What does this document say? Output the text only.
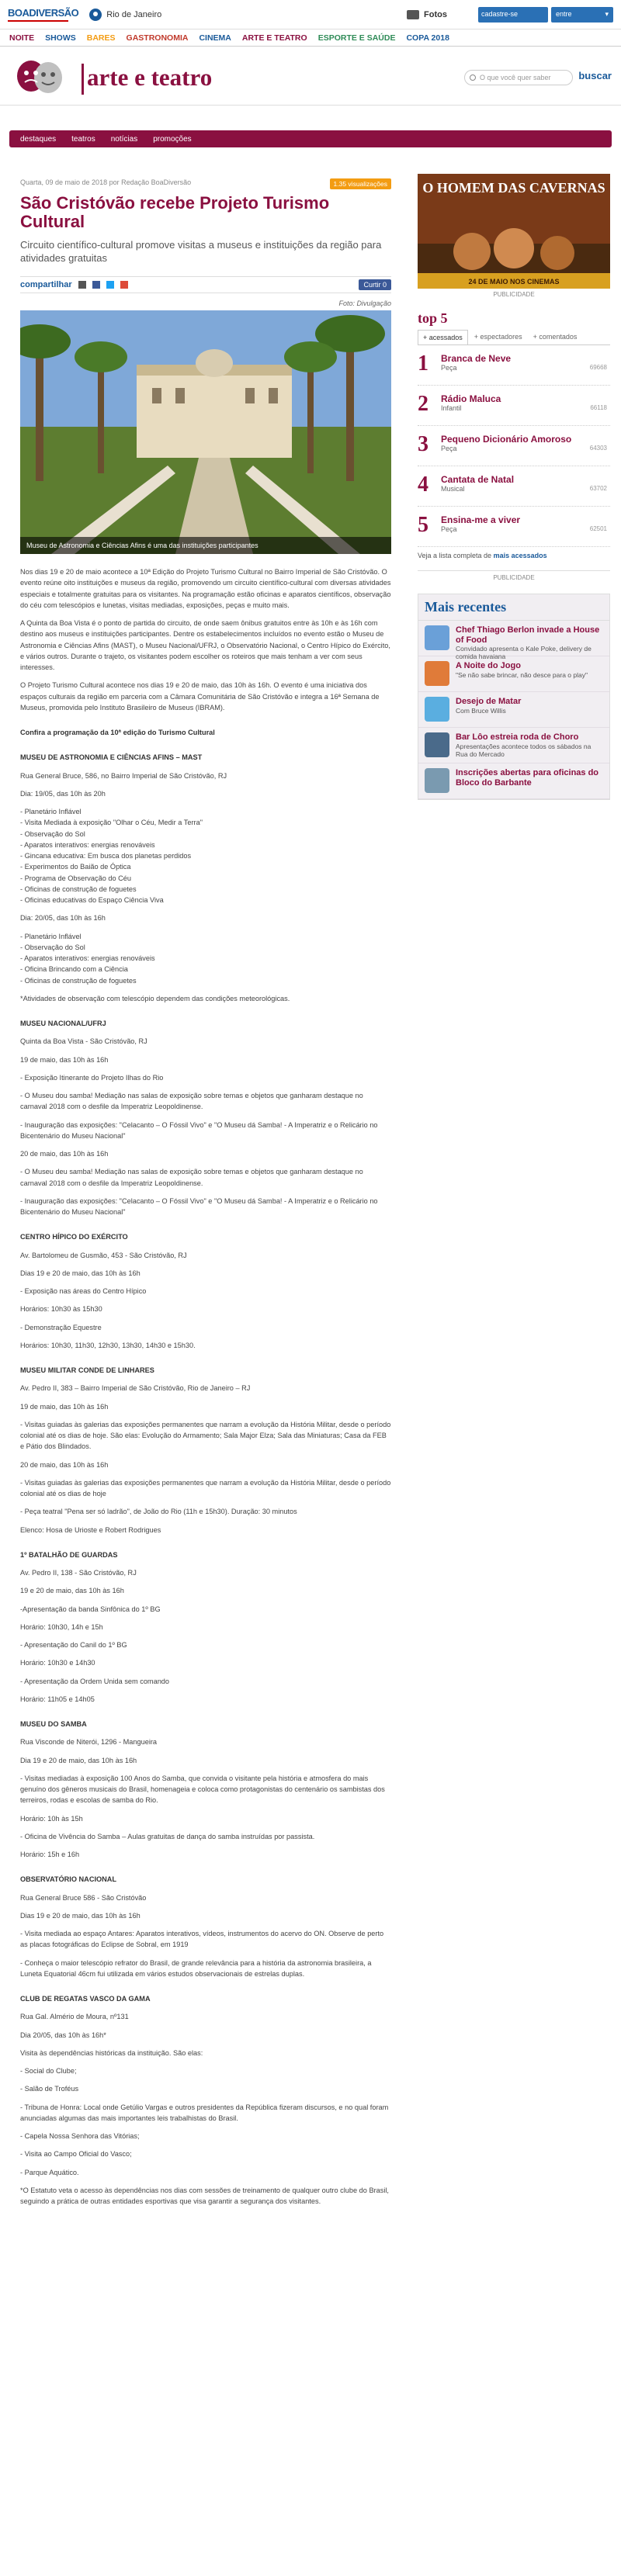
BOADIVERSÃO	Rio de Janeiro	Fotos	cadastre-se	entre	▾
NOITE SHOWS BARES GASTRONOMIA CINEMA ARTE E TEATRO ESPORTE E SAÚDE COPA 2018
arte e teatro	O que você quer saber	buscar
destaques	teatros	notícias	promoções
Quarta, 09 de maio de 2018 por Redação BoaDiversão	1.35 visualizações
São Cristóvão recebe Projeto Turismo Cultural
Circuito científico-cultural promove visitas a museus e instituições da região para atividades gratuitas
compartilhar	Curtir 0
Foto: Divulgação
Museu de Astronomia e Ciências Afins é uma das instituições participantes

Nos dias 19 e 20 de maio acontece a 10ª Edição do Projeto Turismo Cultural no Bairro Imperial de São Cristóvão. O evento reúne oito instituições e museus da região, promovendo um circuito científico-cultural com diversas atividades especiais e totalmente gratuitas para os visitantes. Na programação estão oficinas e aparatos científicos, observação do céu com telescópios e lunetas, visitas mediadas, exposições, peças e muito mais.

A Quinta da Boa Vista é o ponto de partida do circuito, de onde saem ônibus gratuitos entre às 10h e às 16h com destino aos museus e instituições participantes. Dentre os estabelecimentos incluídos no evento estão o Museu de Astronomia e Ciências Afins (MAST), o Museu Nacional/UFRJ, o Observatório Nacional, o Centro Hípico do Exército, e vários outros. Durante o trajeto, os visitantes podem escolher os roteiros que mais tenham a ver com seus interesses.

O Projeto Turismo Cultural acontece nos dias 19 e 20 de maio, das 10h às 16h. O evento é uma iniciativa dos espaços culturais da região em parceria com a Câmara Comunitária de São Cristóvão e integra a 16ª Semana de Museus, promovida pelo Instituto Brasileiro de Museus (IBRAM).

Confira a programação da 10ª edição do Turismo Cultural

MUSEU DE ASTRONOMIA E CIÊNCIAS AFINS – MAST

Rua General Bruce, 586, no Bairro Imperial de São Cristóvão, RJ

Dia: 19/05, das 10h às 20h

- Planetário Inflável
- Visita Mediada à exposição "Olhar o Céu, Medir a Terra"
- Observação do Sol
- Aparatos interativos: energias renováveis
- Gincana educativa: Em busca dos planetas perdidos
- Experimentos do Baião de Óptica
- Programa de Observação do Céu
- Oficinas de construção de foguetes
- Oficinas educativas do Espaço Ciência Viva

Dia: 20/05, das 10h às 16h

- Planetário Inflável
- Observação do Sol
- Aparatos interativos: energias renováveis
- Oficina Brincando com a Ciência
- Oficinas de construção de foguetes

*Atividades de observação com telescópio dependem das condições meteorológicas.

MUSEU NACIONAL/UFRJ

Quinta da Boa Vista - São Cristóvão, RJ

19 de maio, das 10h às 16h

- Exposição Itinerante do Projeto Ilhas do Rio

- O Museu dou samba! Mediação nas salas de exposição sobre temas e objetos que ganharam destaque no carnaval 2018 com o desfile da Imperatriz Leopoldinense.

- Inauguração das exposições: "Celacanto – O Fóssil Vivo" e "O Museu dá Samba! - A Imperatriz e o Relicário no Bicentenário do Museu Nacional"

20 de maio, das 10h às 16h

- O Museu deu samba! Mediação nas salas de exposição sobre temas e objetos que ganharam destaque no carnaval 2018 com o desfile da Imperatriz Leopoldinense.

- Inauguração das exposições: "Celacanto – O Fóssil Vivo" e "O Museu dá Samba! - A Imperatriz e o Relicário no Bicentenário do Museu Nacional"

CENTRO HÍPICO DO EXÉRCITO

Av. Bartolomeu de Gusmão, 453 - São Cristóvão, RJ

Dias 19 e 20 de maio, das 10h às 16h

- Exposição nas áreas do Centro Hípico

Horários: 10h30 às 15h30

- Demonstração Equestre

Horários: 10h30, 11h30, 12h30, 13h30, 14h30 e 15h30.

MUSEU MILITAR CONDE DE LINHARES

Av. Pedro II, 383 – Bairro Imperial de São Cristóvão, Rio de Janeiro – RJ

19 de maio, das 10h às 16h

- Visitas guiadas às galerias das exposições permanentes que narram a evolução da História Militar, desde o período colonial até os dias de hoje. São elas: Evolução do Armamento; Sala Major Elza; Sala das Miniaturas; Casa da FEB e Pátio dos Blindados.

20 de maio, das 10h às 16h

- Visitas guiadas às galerias das exposições permanentes que narram a evolução da História Militar, desde o período colonial até os dias de hoje

- Peça teatral "Pena ser só ladrão", de João do Rio (11h e 15h30). Duração: 30 minutos

Elenco: Hosa de Urioste e Robert Rodrigues

1º BATALHÃO DE GUARDAS

Av. Pedro II, 138 - São Cristóvão, RJ

19 e 20 de maio, das 10h às 16h

-Apresentação da banda Sinfônica do 1º BG

Horário: 10h30, 14h e 15h

- Apresentação do Canil do 1º BG

Horário: 10h30 e 14h30

- Apresentação da Ordem Unida sem comando

Horário: 11h05 e 14h05

MUSEU DO SAMBA

Rua Visconde de Niterói, 1296 - Mangueira

Dia 19 e 20 de maio, das 10h às 16h

- Visitas mediadas à exposição 100 Anos do Samba, que convida o visitante pela história e atmosfera do mais genuíno dos gêneros musicais do Brasil, homenageia e coloca como protagonistas do centenário os sambistas dos terreiros, rodas e escolas de samba do Rio.

Horário: 10h às 15h

- Oficina de Vivência do Samba – Aulas gratuitas de dança do samba instruídas por passista.

Horário: 15h e 16h

OBSERVATÓRIO NACIONAL

Rua General Bruce 586 - São Cristóvão

Dias 19 e 20 de maio, das 10h às 16h

- Visita mediada ao espaço Antares: Aparatos interativos, vídeos, instrumentos do acervo do ON. Observe de perto as placas fotográficas do Eclipse de Sobral, em 1919

- Conheça o maior telescópio refrator do Brasil, de grande relevância para a história da astronomia brasileira, a Luneta Equatorial 46cm fui utilizada em vários estudos observacionais de estrelas duplas.

CLUB DE REGATAS VASCO DA GAMA

Rua Gal. Almério de Moura, nº131

Dia 20/05, das 10h às 16h*

Visita às dependências históricas da instituição. São elas:

- Social do Clube;

- Salão de Troféus

- Tribuna de Honra: Local onde Getúlio Vargas e outros presidentes da República fizeram discursos, e no qual foram anunciadas algumas das mais importantes leis trabalhistas do Brasil.

- Capela Nossa Senhora das Vitórias;

- Visita ao Campo Oficial do Vasco;

- Parque Aquático.

*O Estatuto veta o acesso às dependências nos dias com sessões de treinamento de qualquer outro clube do Brasil, seguindo a prática de outras entidades esportivas que visa garantir a segurança dos visitantes.

O HOMEM DAS CAVERNAS
24 DE MAIO NOS CINEMAS
PUBLICIDADE
top 5
+ acessados	+ espectadores	+ comentados
1	Branca de Neve
Peça	69668
2	Rádio Maluca
Infantil	66118
3	Pequeno Dicionário Amoroso
Peça	64303
4	Cantata de Natal
Musical	63702
5	Ensina-me a viver
Peça	62501
Veja a lista completa de mais acessados
PUBLICIDADE
Mais recentes
Chef Thiago Berlon invade a House of Food
Convidado apresenta o Kale Poke, delivery de comida havaiana
A Noite do Jogo
"Se não sabe brincar, não desce para o play"
Desejo de Matar
Com Bruce Willis
Bar Lôo estreia roda de Choro
Apresentações acontece todos os sábados na Rua do Mercado
Inscrições abertas para oficinas do Bloco do Barbante
